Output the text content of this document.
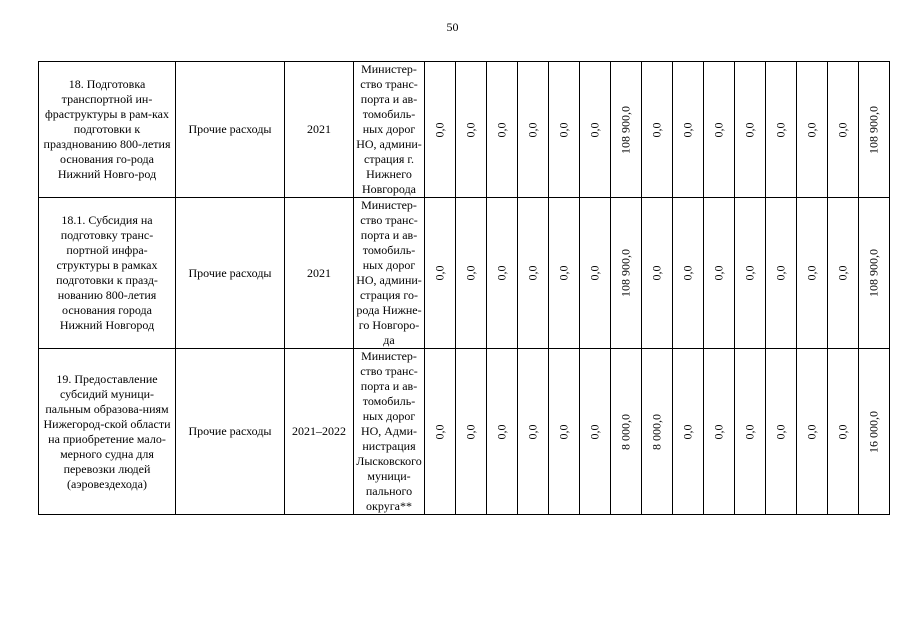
50
18. Подготовка транспортной ин-фраструктуры в рам-ках подготовки к празднованию 800-летия основания го-рода Нижний Новго-род	Прочие расходы	2021	Министер-ство транс-порта и ав-томобиль-ных дорог НО, админи-страция г. Нижнего Новгорода	0,0	0,0	0,0	0,0	0,0	0,0	108 900,0	0,0	0,0	0,0	0,0	0,0	0,0	0,0	108 900,0

18.1. Субсидия на подготовку транс-портной инфра-структуры в рамках подготовки к празд-нованию 800-летия основания города Нижний Новгород	Прочие расходы	2021	Министер-ство транс-порта и ав-томобиль-ных дорог НО, админи-страция го-рода Нижне-го Новгоро-да	0,0	0,0	0,0	0,0	0,0	0,0	108 900,0	0,0	0,0	0,0	0,0	0,0	0,0	0,0	108 900,0

19. Предоставление субсидий муници-пальным образова-ниям Нижегород-ской области на приобретение мало-мерного судна для перевозки людей (аэровездехода)	Прочие расходы	2021–2022	Министер-ство транс-порта и ав-томобиль-ных дорог НО, Адми-нистрация Лысковского муници-пального округа**	0,0	0,0	0,0	0,0	0,0	0,0	8 000,0	8 000,0	0,0	0,0	0,0	0,0	0,0	0,0	16 000,0
